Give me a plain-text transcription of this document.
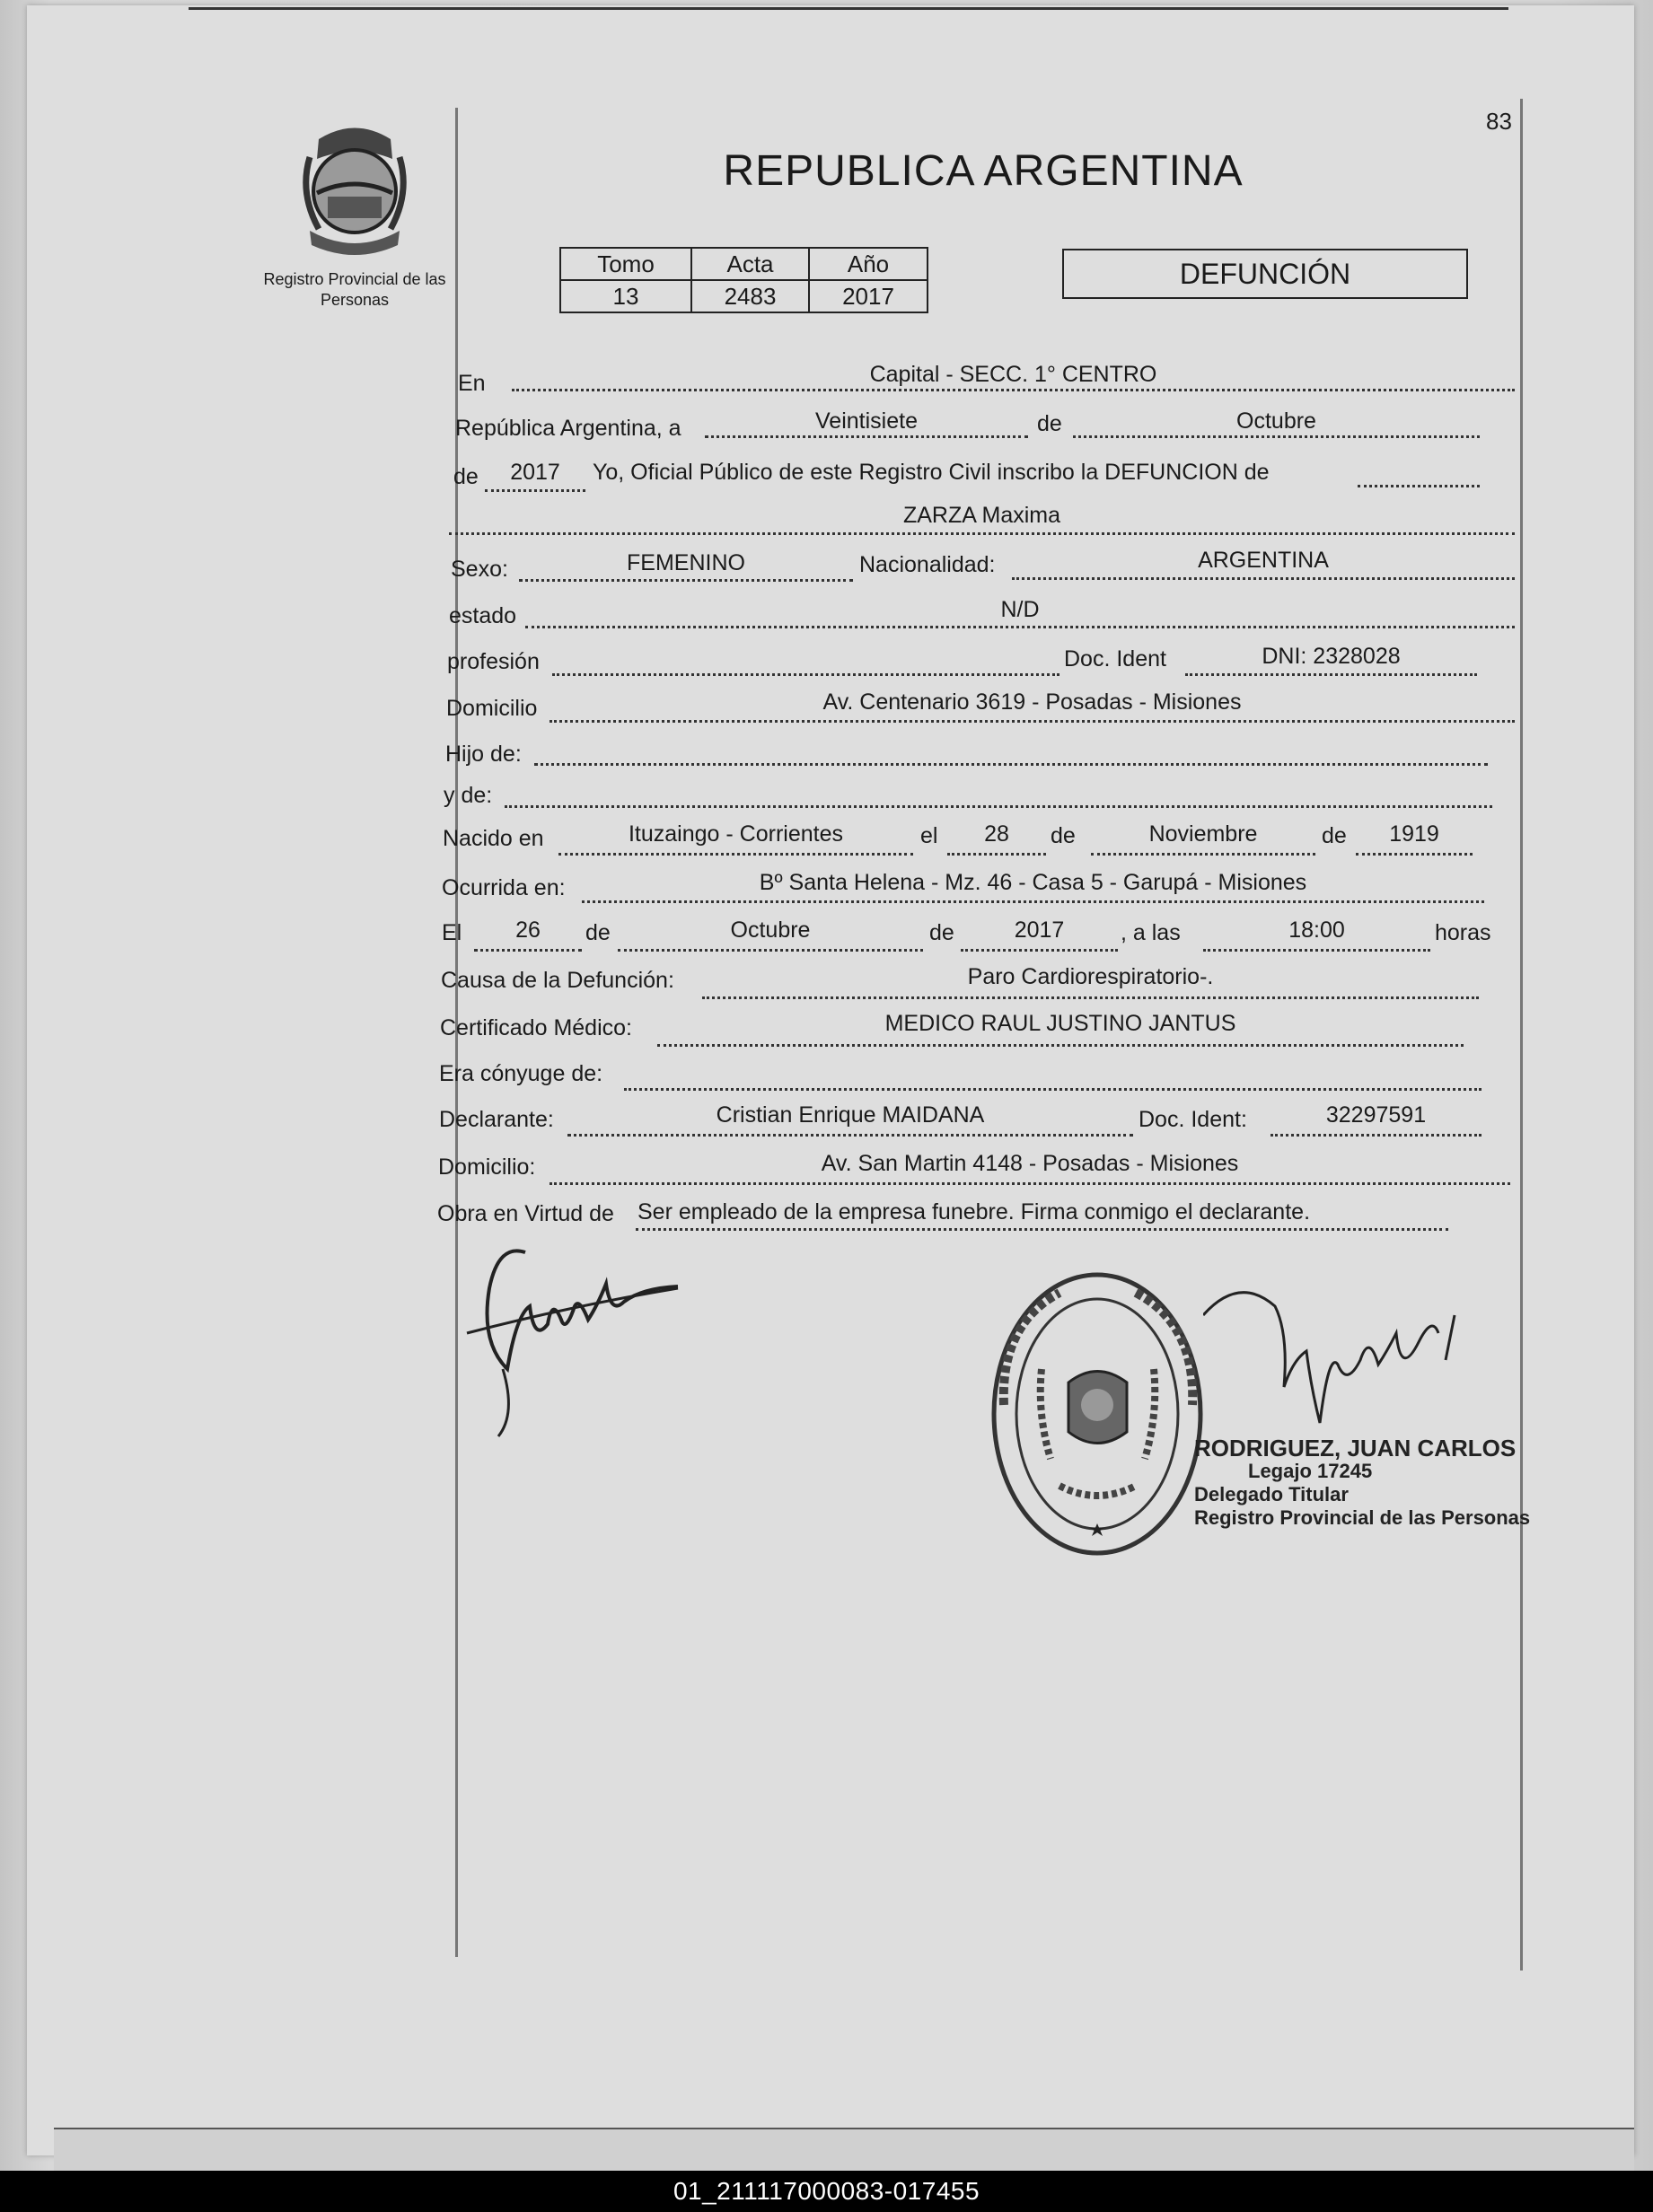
83
Registro Provincial de las Personas
REPUBLICA ARGENTINA
Tomo	Acta	Año
13	2483	2017
DEFUNCIÓN
En	Capital - SECC. 1° CENTRO
República Argentina, a	Veintisiete	de	Octubre
de	2017	Yo, Oficial Público de este Registro Civil inscribo la DEFUNCION de
ZARZA Maxima
Sexo:	FEMENINO	Nacionalidad:	ARGENTINA
estado	N/D
profesión	Doc. Ident	DNI: 2328028
Domicilio	Av. Centenario 3619 - Posadas - Misiones
Hijo de:
y de:
Nacido en	Ituzaingo - Corrientes	el	28	de	Noviembre	de	1919
Ocurrida en:	Bº Santa Helena - Mz. 46 - Casa 5 - Garupá - Misiones
El	26	de	Octubre	de	2017	, a las	18:00	horas
Causa de la Defunción:	Paro Cardiorespiratorio-.
Certificado Médico:	MEDICO RAUL JUSTINO JANTUS
Era cónyuge de:
Declarante:	Cristian Enrique MAIDANA	Doc. Ident:	32297591
Domicilio:	Av. San Martin 4148 - Posadas - Misiones
Obra en Virtud de Ser empleado de la empresa funebre. Firma conmigo el declarante.
RODRIGUEZ, JUAN CARLOS
Legajo 17245
Delegado Titular
Registro Provincial de las Personas
01_211117000083-017455
